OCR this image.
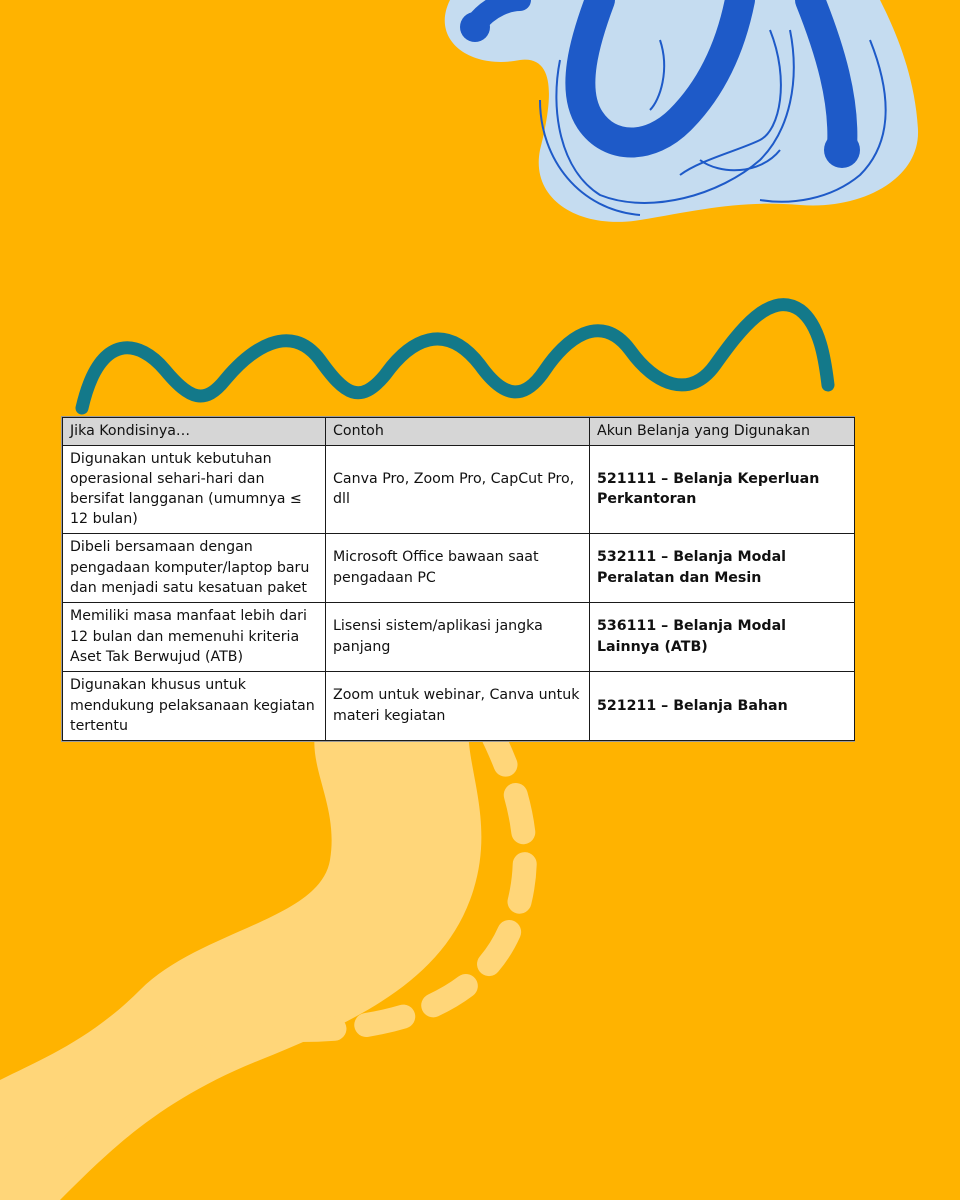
Jika Kondisinya…	Contoh	Akun Belanja yang Digunakan
Digunakan untuk kebutuhan operasional sehari-hari dan bersifat langganan (umumnya ≤ 12 bulan)	Canva Pro, Zoom Pro, CapCut Pro, dll	521111 – Belanja Keperluan Perkantoran
Dibeli bersamaan dengan pengadaan komputer/laptop baru dan menjadi satu kesatuan paket	Microsoft Office bawaan saat pengadaan PC	532111 – Belanja Modal Peralatan dan Mesin
Memiliki masa manfaat lebih dari 12 bulan dan memenuhi kriteria Aset Tak Berwujud (ATB)	Lisensi sistem/aplikasi jangka panjang	536111 – Belanja Modal Lainnya (ATB)
Digunakan khusus untuk mendukung pelaksanaan kegiatan tertentu	Zoom untuk webinar, Canva untuk materi kegiatan	521211 – Belanja Bahan
